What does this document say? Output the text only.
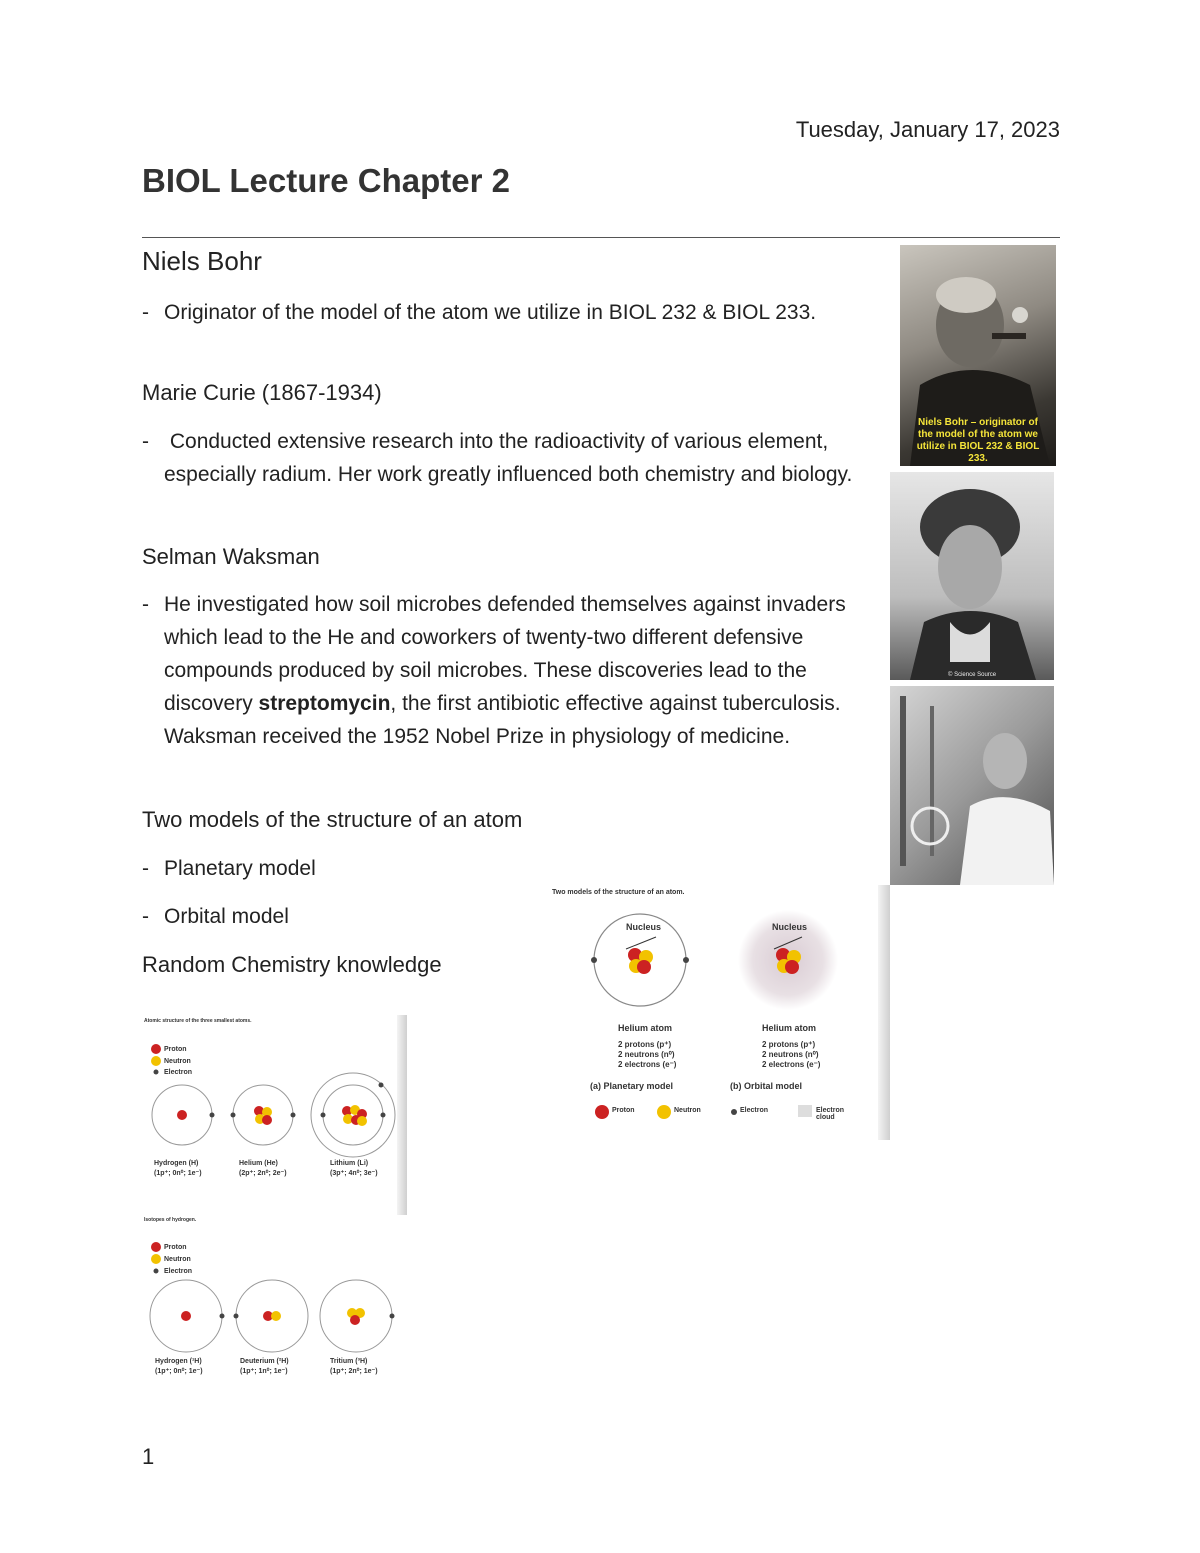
Tuesday, January 17, 2023
BIOL Lecture Chapter 2
Niels Bohr
- Originator of the model of the atom we utilize in BIOL 232 & BIOL 233.
Marie Curie (1867-1934)
- Conducted extensive research into the radioactivity of various element, especially radium. Her work greatly influenced both chemistry and biology.
Selman Waksman
- He investigated how soil microbes defended themselves against invaders which lead to the He and coworkers of twenty-two different defensive compounds produced by soil microbes. These discoveries lead to the discovery streptomycin, the first antibiotic effective against tuberculosis. Waksman received the 1952 Nobel Prize in physiology of medicine.
Two models of the structure of an atom
- Planetary model
- Orbital model
Random Chemistry knowledge
Niels Bohr – originator of the model of the atom we utilize in BIOL 232 & BIOL 233.
© Science Source
Two models of the structure of an atom.
Nucleus	Nucleus
Helium atom	Helium atom
2 protons (p⁺)
2 neutrons (n⁰)
2 electrons (e⁻)
2 protons (p⁺)
2 neutrons (n⁰)
2 electrons (e⁻)
(a) Planetary model	(b) Orbital model
Proton	Neutron	Electron	Electron cloud
Atomic structure of the three smallest atoms.
Proton
Neutron
Electron
Hydrogen (H)
(1p⁺; 0n⁰; 1e⁻)
Helium (He)
(2p⁺; 2n⁰; 2e⁻)
Lithium (Li)
(3p⁺; 4n⁰; 3e⁻)
Isotopes of hydrogen.
Proton
Neutron
Electron
Hydrogen (¹H)
(1p⁺; 0n⁰; 1e⁻)
Deuterium (²H)
(1p⁺; 1n⁰; 1e⁻)
Tritium (³H)
(1p⁺; 2n⁰; 1e⁻)
1
